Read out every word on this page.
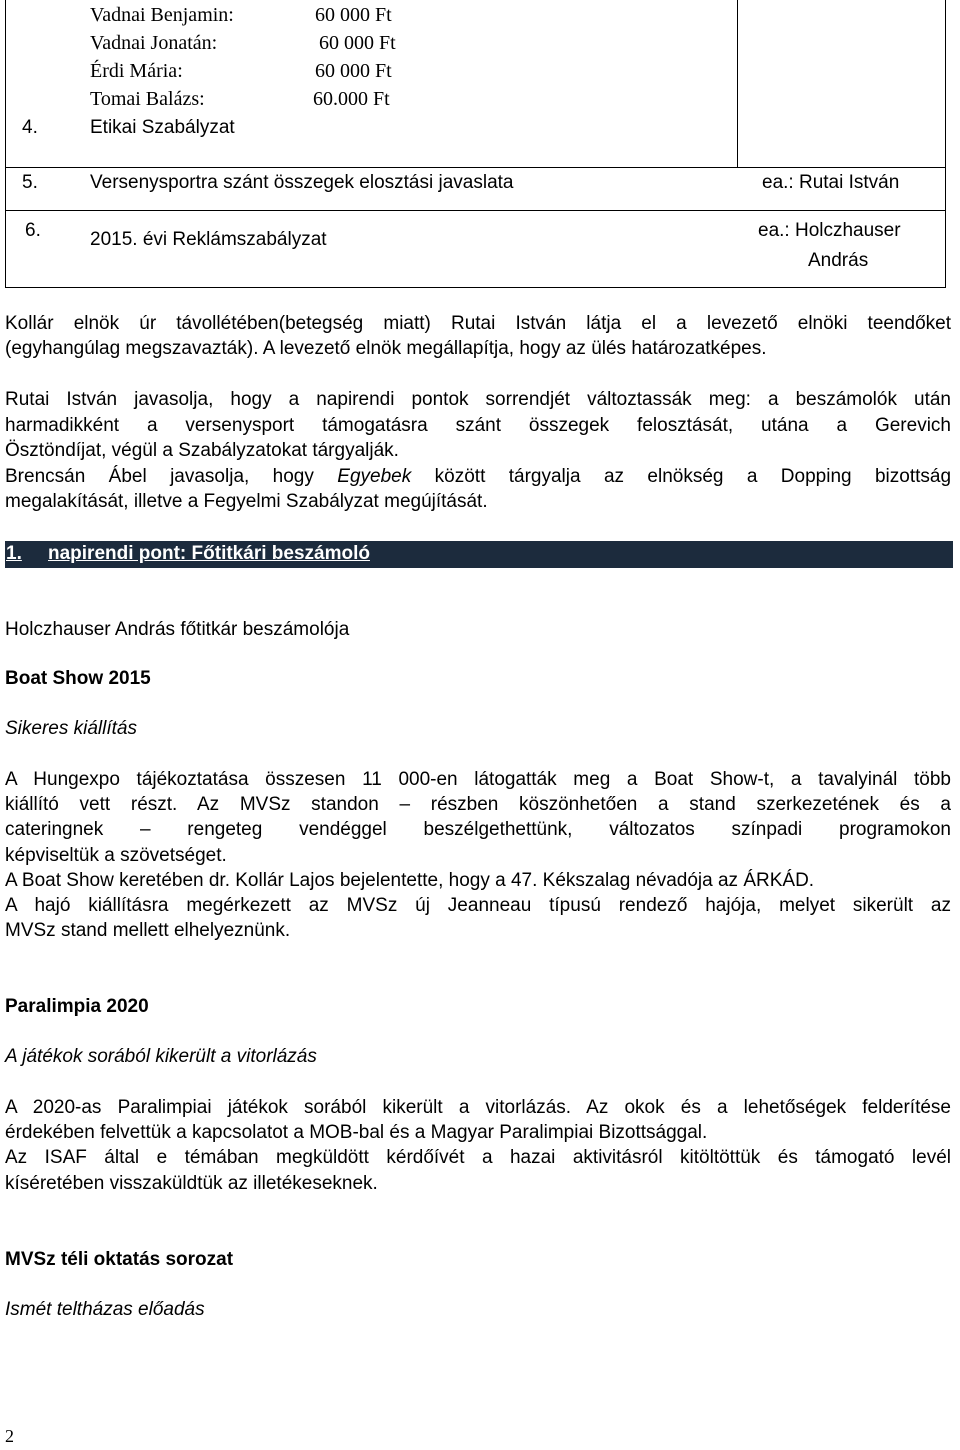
Vadnai Benjamin:	60 000 Ft
Vadnai Jonatán:	60 000 Ft
Érdi Mária:	60 000 Ft
Tomai Balázs:	60.000 Ft
4.	Etikai Szabályzat
5.	Versenysportra szánt összegek elosztási javaslata	ea.: Rutai István
6.	2015. évi Reklámszabályzat	ea.: Holczhauser
András
Kollár elnök úr távollétében(betegség miatt) Rutai István látja el a levezető elnöki teendőket
(egyhangúlag megszavazták). A levezető elnök megállapítja, hogy az ülés határozatképes.
Rutai István javasolja, hogy a napirendi pontok sorrendjét változtassák meg: a beszámolók után
harmadikként a versenysport támogatásra szánt összegek felosztását, utána a Gerevich
Ösztöndíjat, végül a Szabályzatokat tárgyalják.
Brencsán Ábel javasolja, hogy Egyebek között tárgyalja az elnökség a Dopping bizottság
megalakítását, illetve a Fegyelmi Szabályzat megújítását.
1. napirendi pont: Főtitkári beszámoló
Holczhauser András főtitkár beszámolója
Boat Show 2015
Sikeres kiállítás
A Hungexpo tájékoztatása összesen 11 000-en látogatták meg a Boat Show-t, a tavalyinál több
kiállító vett részt. Az MVSz standon – részben köszönhetően a stand szerkezetének és a
cateringnek – rengeteg vendéggel beszélgethettünk, változatos színpadi programokon
képviseltük a szövetséget.
A Boat Show keretében dr. Kollár Lajos bejelentette, hogy a 47. Kékszalag névadója az ÁRKÁD.
A hajó kiállításra megérkezett az MVSz új Jeanneau típusú rendező hajója, melyet sikerült az
MVSz stand mellett elhelyeznünk.
Paralimpia 2020
A játékok sorából kikerült a vitorlázás
A 2020-as Paralimpiai játékok sorából kikerült a vitorlázás. Az okok és a lehetőségek felderítése
érdekében felvettük a kapcsolatot a MOB-bal és a Magyar Paralimpiai Bizottsággal.
Az ISAF által e témában megküldött kérdőívét a hazai aktivitásról kitöltöttük és támogató levél
kíséretében visszaküldtük az illetékeseknek.
MVSz téli oktatás sorozat
Ismét teltházas előadás
2
